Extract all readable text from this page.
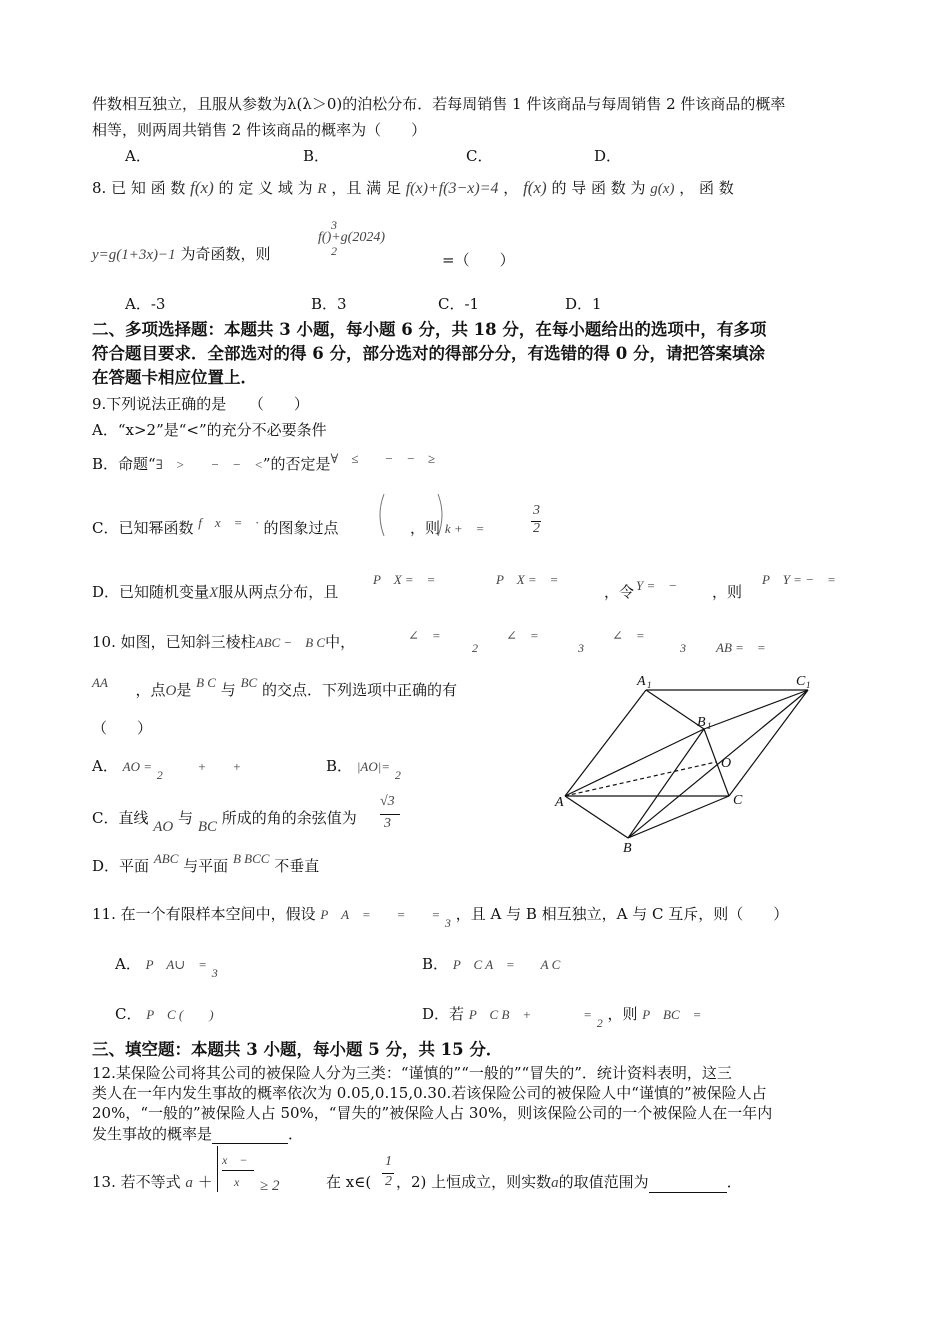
件数相互独立，且服从参数为λ(λ＞0)的泊松分布．若每周销售 1 件该商品与每周销售 2 件该商品的概率
相等，则两周共销售 2 件该商品的概率为（　　）
A．	B．	C．	D．
8. 已 知 函 数 f(x) 的 定 义 域 为 R ，且 满 足 f(x)+f(3−x)=4 ， f(x) 的 导 函 数 为 g(x) ， 函 数
y=g(1+3x)−1 为奇函数，则
f()+g(2024)
3
2	=（　　）
A．-3	B．3	C．-1	D．1
二、多项选择题：本题共 3 小题，每小题 6 分，共 18 分，在每小题给出的选项中，有多项
符合题目要求．全部选对的得 6 分，部分选对的得部分分，有选错的得 0 分，请把答案填涂
在答题卡相应位置上．
9.下列说法正确的是　　（　　）
A．“x>2”是“<”的充分不必要条件
B．命题“∃　>　　−　−　<”的否定是∀　≤　　−　−　≥
C．已知幂函数 f　x　=　· 的图象过点	，则 k +　=
3
2
D．已知随机变量X服从两点分布，且
P　X =　=	P　X =　=
，令 Y =　− ，则
P　Y = −　=
10. 如图，已知斜三棱柱ABC −　B C中，	∠　=
2
∠　=
3
∠　=
3 AB =　=
AA ，点O是 B C 与 BC 的交点．下列选项中正确的有
（　　）
A． AO = $_2$ +　　+	B． |AO|= $_2$
C．直线 AO 与 BC 所成的角的余弦值为
√3
3
D．平面 ABC 与平面 B BCC 不垂直
A 1	C 1
B 1
O
A	C
B
11. 在一个有限样本空间中，假设 P　A　=　　=　　= $_3$ ，且 A 与 B 相互独立，A 与 C 互斥，则（　　）
A． P　A∪　= $_3$	B． P　C A　=　　A C
C． P　C (　　)	D．若 P　C B　+　　　　= $_2$ ，则 P　BC　=
三、填空题：本题共 3 小题，每小题 5 分，共 15 分．
12.某保险公司将其公司的被保险人分为三类：“谨慎的”“一般的”“冒失的”．统计资料表明，这三
类人在一年内发生事故的概率依次为 0.05,0.15,0.30.若该保险公司的被保险人中“谨慎的”被保险人占
20%，“一般的”被保险人占 50%，“冒失的”被保险人占 30%，则该保险公司的一个被保险人在一年内
发生事故的概率是	．
13. 若不等式 a ＋
x　−
x ≥ 2	在 x∈(
1
2 ，2) 上恒成立，则实数a的取值范围为	．
